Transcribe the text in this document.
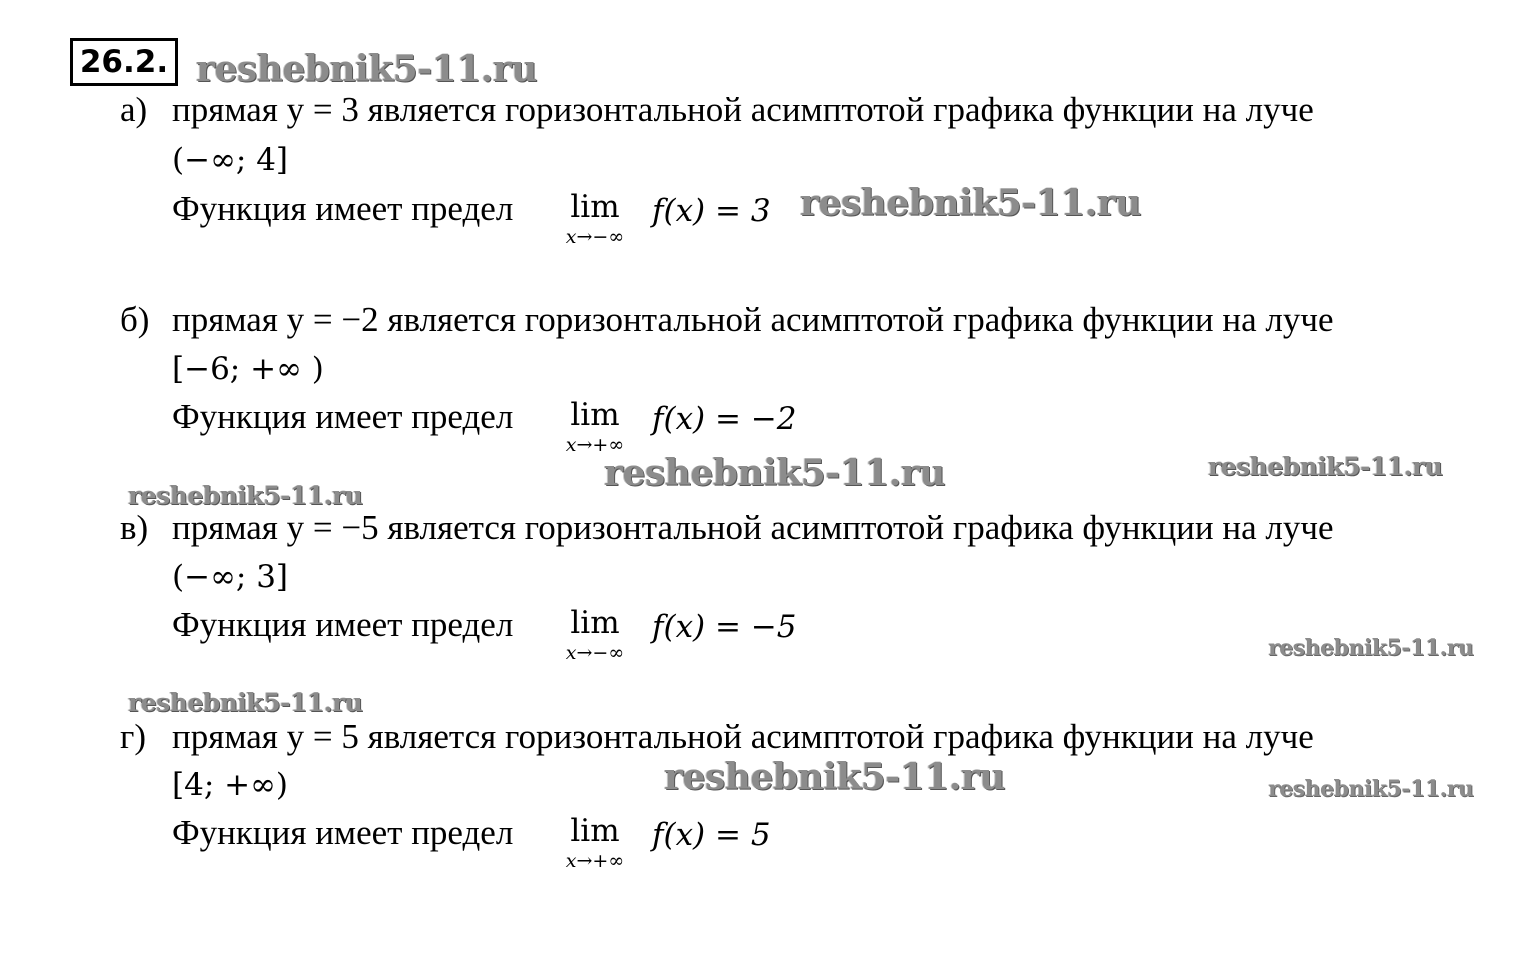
26.2. reshebnik5-11.ru
reshebnik5-11.ru
reshebnik5-11.ru
reshebnik5-11.ru
reshebnik5-11.ru
reshebnik5-11.ru
reshebnik5-11.ru
reshebnik5-11.ru
reshebnik5-11.ru
а) прямая y = 3 является горизонтальной асимптотой графика функции на луче
(−∞; 4]
Функция имеет предел	lim
x→−∞
f(x) = 3
б) прямая y = −2 является горизонтальной асимптотой графика функции на луче
[−6; +∞ )
Функция имеет предел	lim
x→+∞
f(x) = −2
в) прямая y = −5 является горизонтальной асимптотой графика функции на луче
(−∞; 3]
Функция имеет предел	lim
x→−∞
f(x) = −5
г) прямая y = 5 является горизонтальной асимптотой графика функции на луче
[4; +∞)
Функция имеет предел	lim
x→+∞
f(x) = 5
